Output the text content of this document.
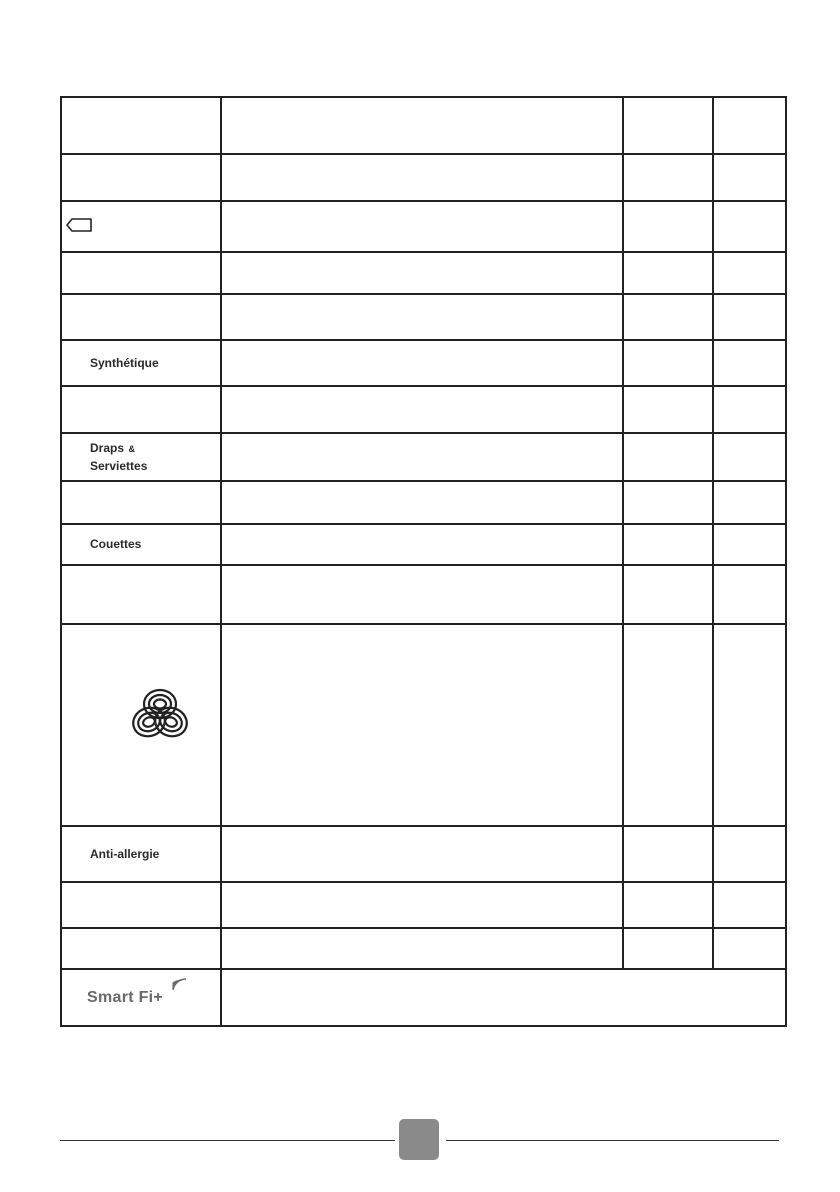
Synthétique
Draps &
Serviettes
Couettes
Anti-allergie
Smart Fi+
